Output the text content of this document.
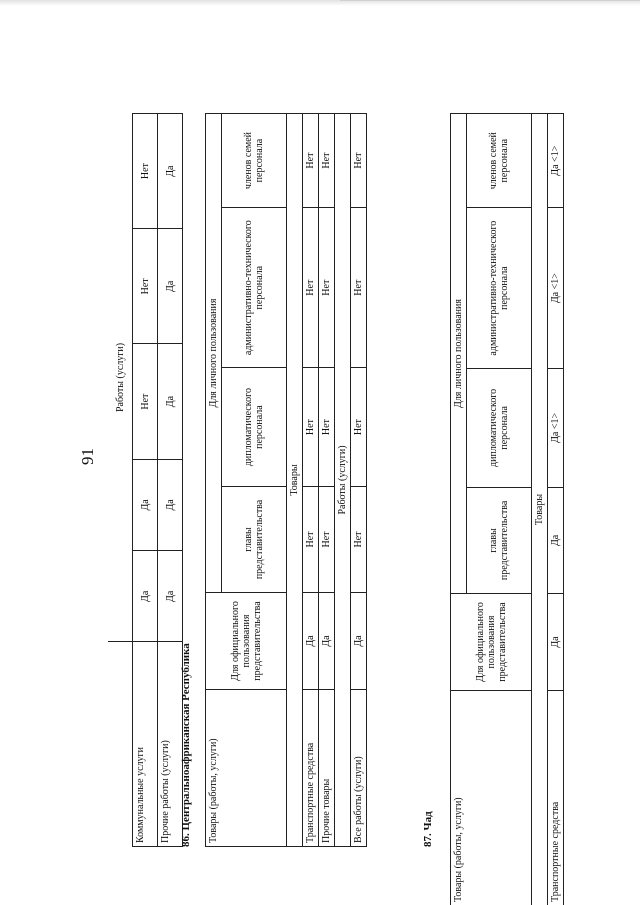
91
	Работы (услуги)				
Коммунальные услуги	Да	Да	Нет	Нет	Нет
Прочие работы (услуги)	Да	Да	Да	Да	Да
86. Центральноафриканская Республика Товары (работы, услуги)	Для официального пользования представительства	Для личного пользования			
		главы представительства	дипломатического персонала	административно-технического персонала	членов семей персонала
Товары					
Транспортные средства	Да	Нет	Нет	Нет	Нет
Прочие товары	Да	Нет	Нет	Нет	Нет
Работы (услуги)					
Все работы (услуги)	Да	Нет	Нет	Нет	Нет
87. Чад Товары (работы, услуги)	Для официального пользования представительства	Для личного пользования			
		главы представительства	дипломатического персонала	административно-технического персонала	членов семей персонала
Товары					
Транспортные средства	Да	Да	Да <1>	Да <1>	Да <1>
